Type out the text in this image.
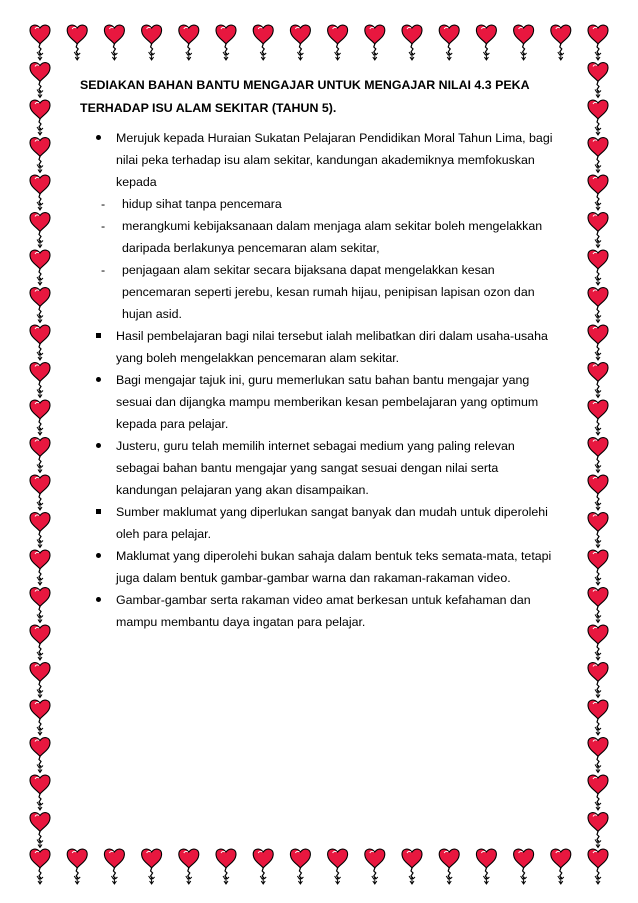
SEDIAKAN BAHAN BANTU MENGAJAR UNTUK MENGAJAR NILAI 4.3 PEKA TERHADAP ISU ALAM SEKITAR (TAHUN 5).

Merujuk kepada Huraian Sukatan Pelajaran Pendidikan Moral Tahun Lima, bagi nilai peka terhadap isu alam sekitar, kandungan akademiknya memfokuskan kepada
- hidup sihat tanpa pencemara
- merangkumi kebijaksanaan dalam menjaga alam sekitar boleh mengelakkan daripada berlakunya pencemaran alam sekitar,
- penjagaan alam sekitar secara bijaksana dapat mengelakkan kesan pencemaran seperti jerebu, kesan rumah hijau, penipisan lapisan ozon dan hujan asid.
Hasil pembelajaran bagi nilai tersebut ialah melibatkan diri dalam usaha-usaha yang boleh mengelakkan pencemaran alam sekitar.
Bagi mengajar tajuk ini, guru memerlukan satu bahan bantu mengajar yang sesuai dan dijangka mampu memberikan kesan pembelajaran yang optimum kepada para pelajar.
Justeru, guru telah memilih internet sebagai medium yang paling relevan sebagai bahan bantu mengajar yang sangat sesuai dengan nilai serta kandungan pelajaran yang akan disampaikan.
Sumber maklumat yang diperlukan sangat banyak dan mudah untuk diperolehi oleh para pelajar.
Maklumat yang diperolehi bukan sahaja dalam bentuk teks semata-mata, tetapi juga dalam bentuk gambar-gambar warna dan rakaman-rakaman video.
Gambar-gambar serta rakaman video amat berkesan untuk kefahaman dan mampu membantu daya ingatan para pelajar.
